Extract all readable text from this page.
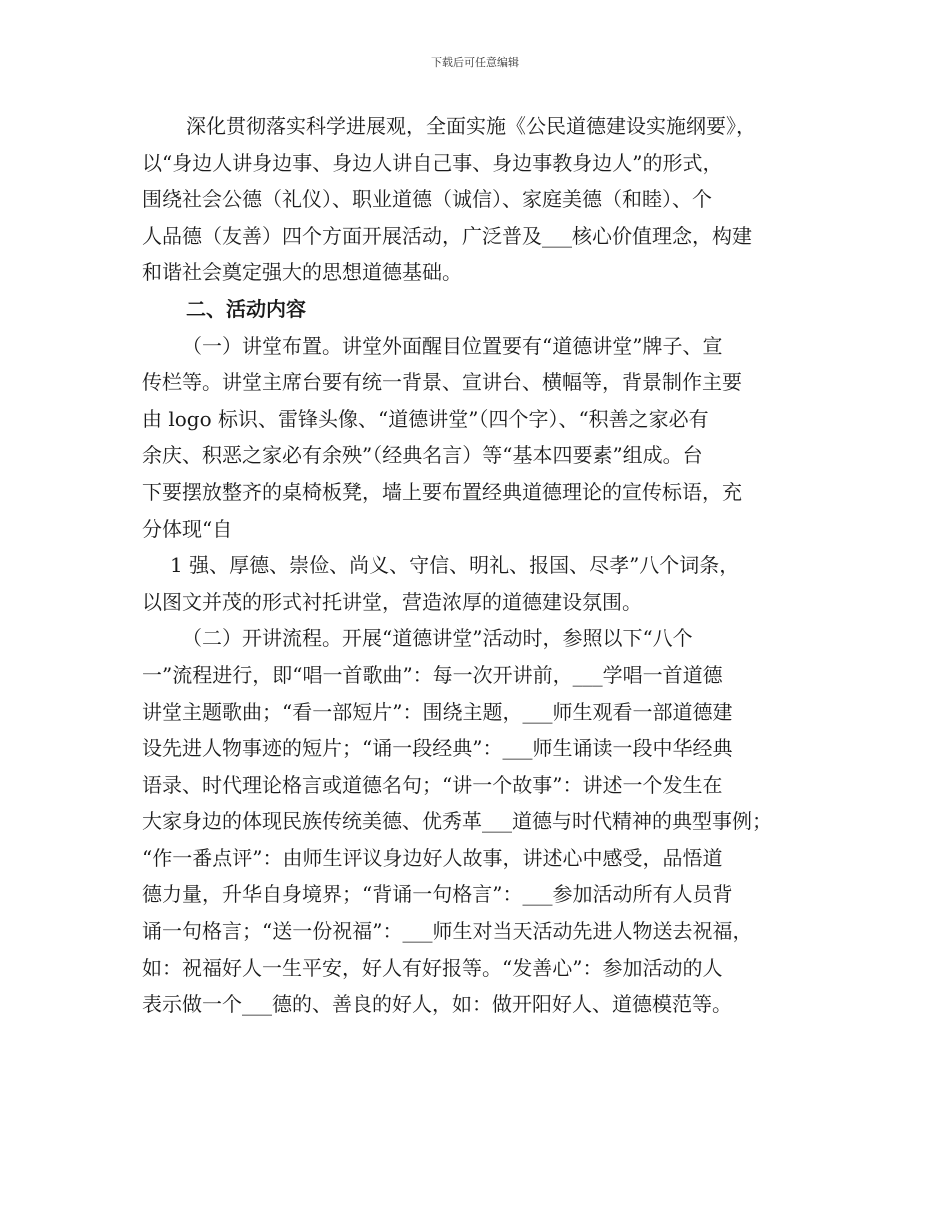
下载后可任意编辑
深化贯彻落实科学进展观，全面实施《公民道德建设实施纲要》，
以“身边人讲身边事、身边人讲自己事、身边事教身边人”的形式，
围绕社会公德（礼仪）、职业道德（诚信）、家庭美德（和睦）、个
人品德（友善）四个方面开展活动，广泛普及___核心价值理念，构建
和谐社会奠定强大的思想道德基础。
二、活动内容
（一）讲堂布置。讲堂外面醒目位置要有“道德讲堂”牌子、宣
传栏等。讲堂主席台要有统一背景、宣讲台、横幅等，背景制作主要
由 logo 标识、雷锋头像、“道德讲堂”（四个字）、“积善之家必有
余庆、积恶之家必有余殃”（经典名言）等“基本四要素”组成。台
下要摆放整齐的桌椅板凳，墙上要布置经典道德理论的宣传标语，充
分体现“自
1 强、厚德、崇俭、尚义、守信、明礼、报国、尽孝”八个词条，
以图文并茂的形式衬托讲堂，营造浓厚的道德建设氛围。
（二）开讲流程。开展“道德讲堂”活动时，参照以下“八个
一”流程进行，即“唱一首歌曲”：每一次开讲前，___学唱一首道德
讲堂主题歌曲；“看一部短片”：围绕主题，___师生观看一部道德建
设先进人物事迹的短片；“诵一段经典”：___师生诵读一段中华经典
语录、时代理论格言或道德名句；“讲一个故事”：讲述一个发生在
大家身边的体现民族传统美德、优秀革___道德与时代精神的典型事例；
“作一番点评”：由师生评议身边好人故事，讲述心中感受，品悟道
德力量，升华自身境界；“背诵一句格言”：___参加活动所有人员背
诵一句格言；“送一份祝福”：___师生对当天活动先进人物送去祝福，
如：祝福好人一生平安，好人有好报等。“发善心”：参加活动的人
表示做一个___德的、善良的好人，如：做开阳好人、道德模范等。
